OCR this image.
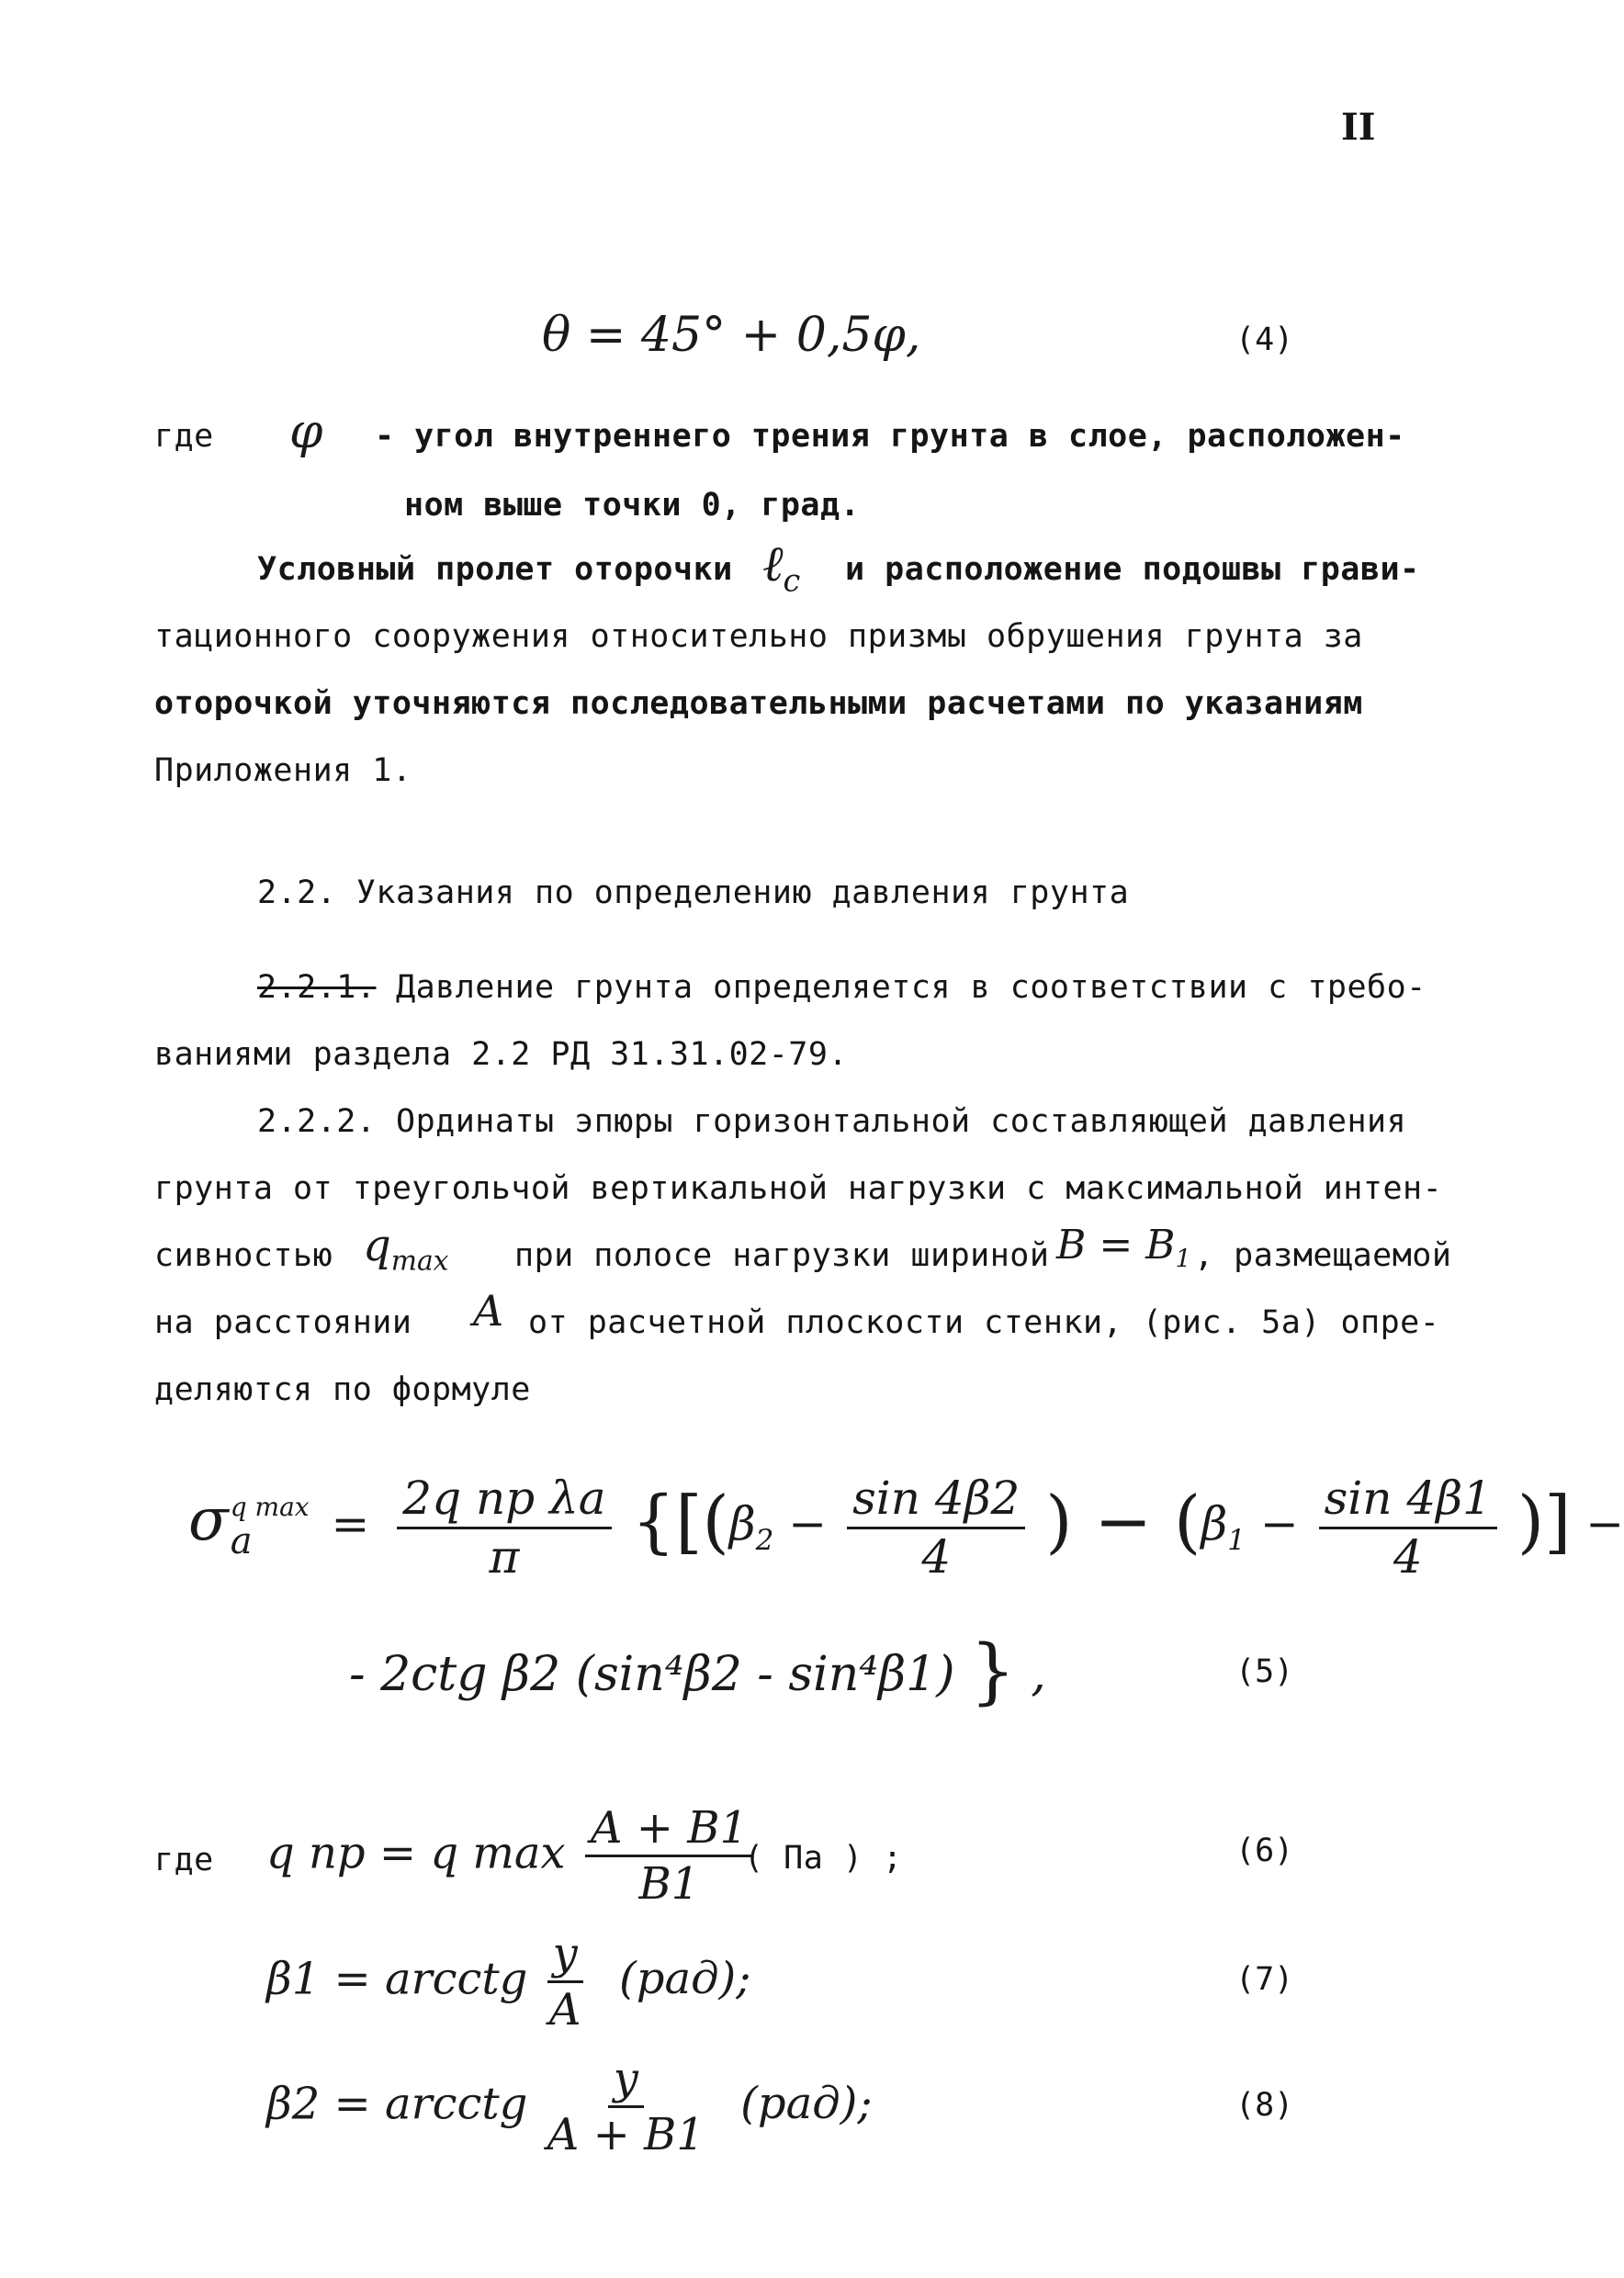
II
θ = 45° + 0,5φ,	(4)
где φ - угол внутреннего трения грунта в слое, расположен-
ном выше точки 0, град.
Условный пролет оторочки ℓ$_c$ и расположение подошвы грави-
тационного сооружения относительно призмы обрушения грунта за
оторочкой уточняются последовательными расчетами по указаниям
Приложения 1.
2.2. Указания по определению давления грунта
2.2.1. Давление грунта определяется в соответствии с требо-
ваниями раздела 2.2 РД 31.31.02-79.
2.2.2. Ординаты эпюры горизонтальной составляющей давления
грунта от треугольчой вертикальной нагрузки с максимальной интен-
сивностью $q_{max}$ при полосе нагрузки шириной $B = B_1$ , размещаемой
на расстоянии A от расчетной плоскости стенки, (рис. 5а) опре-
деляются по формуле
σ q max
a	= $\frac{\text{2q пр λa}}{\pi} \{[(\beta_2 - \frac{\sin 4\beta 2}{4}$ ) − ($\beta_1 - \frac{\sin 4\beta 1}{4}$ )] −
- 2ctg β2 (sin⁴β2 - sin⁴β1) } ,	(5)
где q пр = q $\max \frac{A + B1}{B1}$
( Па ) ;	(6)
β1 = arcctg $\frac{y}{A} (рад)$;	(7)
β2 = arcctg $\frac{y}{A + B1} (рад)$;	(8)
